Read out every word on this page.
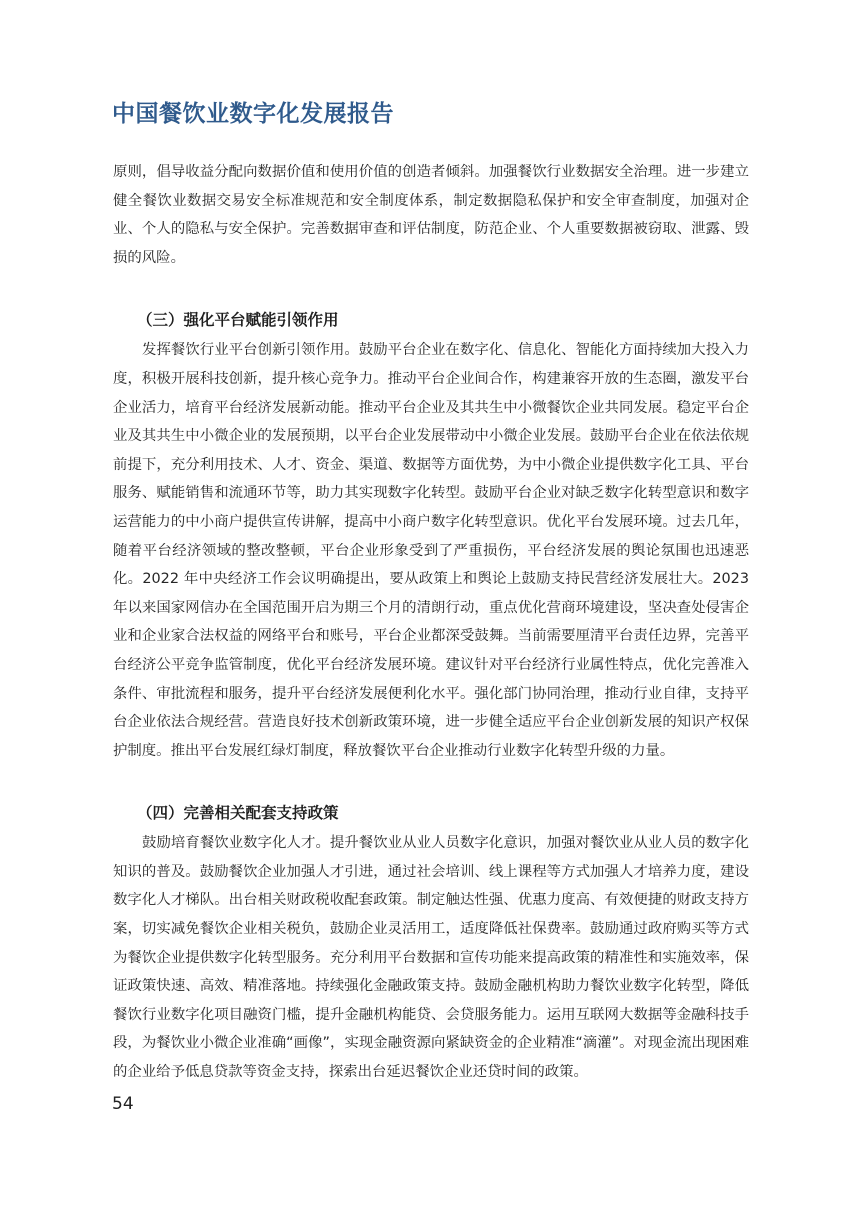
中国餐饮业数字化发展报告

原则，倡导收益分配向数据价值和使用价值的创造者倾斜。加强餐饮行业数据安全治理。进一步建立健全餐饮业数据交易安全标准规范和安全制度体系，制定数据隐私保护和安全审查制度，加强对企业、个人的隐私与安全保护。完善数据审查和评估制度，防范企业、个人重要数据被窃取、泄露、毁损的风险。

（三）强化平台赋能引领作用

发挥餐饮行业平台创新引领作用。鼓励平台企业在数字化、信息化、智能化方面持续加大投入力度，积极开展科技创新，提升核心竞争力。推动平台企业间合作，构建兼容开放的生态圈，激发平台企业活力，培育平台经济发展新动能。推动平台企业及其共生中小微餐饮企业共同发展。稳定平台企业及其共生中小微企业的发展预期，以平台企业发展带动中小微企业发展。鼓励平台企业在依法依规前提下，充分利用技术、人才、资金、渠道、数据等方面优势，为中小微企业提供数字化工具、平台服务、赋能销售和流通环节等，助力其实现数字化转型。鼓励平台企业对缺乏数字化转型意识和数字运营能力的中小商户提供宣传讲解，提高中小商户数字化转型意识。优化平台发展环境。过去几年，随着平台经济领域的整改整顿，平台企业形象受到了严重损伤，平台经济发展的舆论氛围也迅速恶化。2022 年中央经济工作会议明确提出，要从政策上和舆论上鼓励支持民营经济发展壮大。2023 年以来国家网信办在全国范围开启为期三个月的清朗行动，重点优化营商环境建设，坚决查处侵害企业和企业家合法权益的网络平台和账号，平台企业都深受鼓舞。当前需要厘清平台责任边界，完善平台经济公平竞争监管制度，优化平台经济发展环境。建议针对平台经济行业属性特点，优化完善准入条件、审批流程和服务，提升平台经济发展便利化水平。强化部门协同治理，推动行业自律，支持平台企业依法合规经营。营造良好技术创新政策环境，进一步健全适应平台企业创新发展的知识产权保护制度。推出平台发展红绿灯制度，释放餐饮平台企业推动行业数字化转型升级的力量。

（四）完善相关配套支持政策

鼓励培育餐饮业数字化人才。提升餐饮业从业人员数字化意识，加强对餐饮业从业人员的数字化知识的普及。鼓励餐饮企业加强人才引进，通过社会培训、线上课程等方式加强人才培养力度，建设数字化人才梯队。出台相关财政税收配套政策。制定触达性强、优惠力度高、有效便捷的财政支持方案，切实减免餐饮企业相关税负，鼓励企业灵活用工，适度降低社保费率。鼓励通过政府购买等方式为餐饮企业提供数字化转型服务。充分利用平台数据和宣传功能来提高政策的精准性和实施效率，保证政策快速、高效、精准落地。持续强化金融政策支持。鼓励金融机构助力餐饮业数字化转型，降低餐饮行业数字化项目融资门槛，提升金融机构能贷、会贷服务能力。运用互联网大数据等金融科技手段，为餐饮业小微企业准确“画像”，实现金融资源向紧缺资金的企业精准“滴灌”。对现金流出现困难的企业给予低息贷款等资金支持，探索出台延迟餐饮企业还贷时间的政策。

54
